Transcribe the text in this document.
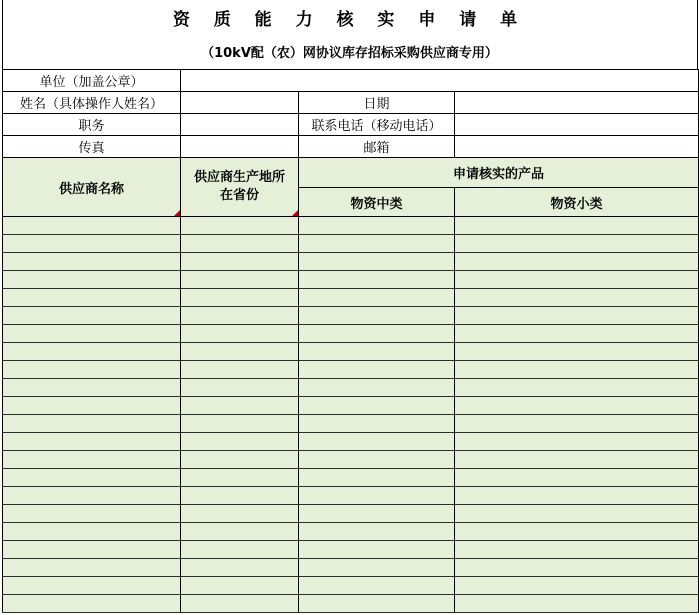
资 质 能 力 核 实 申 请 单
（10kV配（农）网协议库存招标采购供应商专用）
单位（加盖公章）			
姓名（具体操作人姓名）		日期	
职务		联系电话（移动电话）	
传真		邮箱	
供应商名称	供应商生产地所在省份	申请核实的产品	
		物资中类	物资小类
